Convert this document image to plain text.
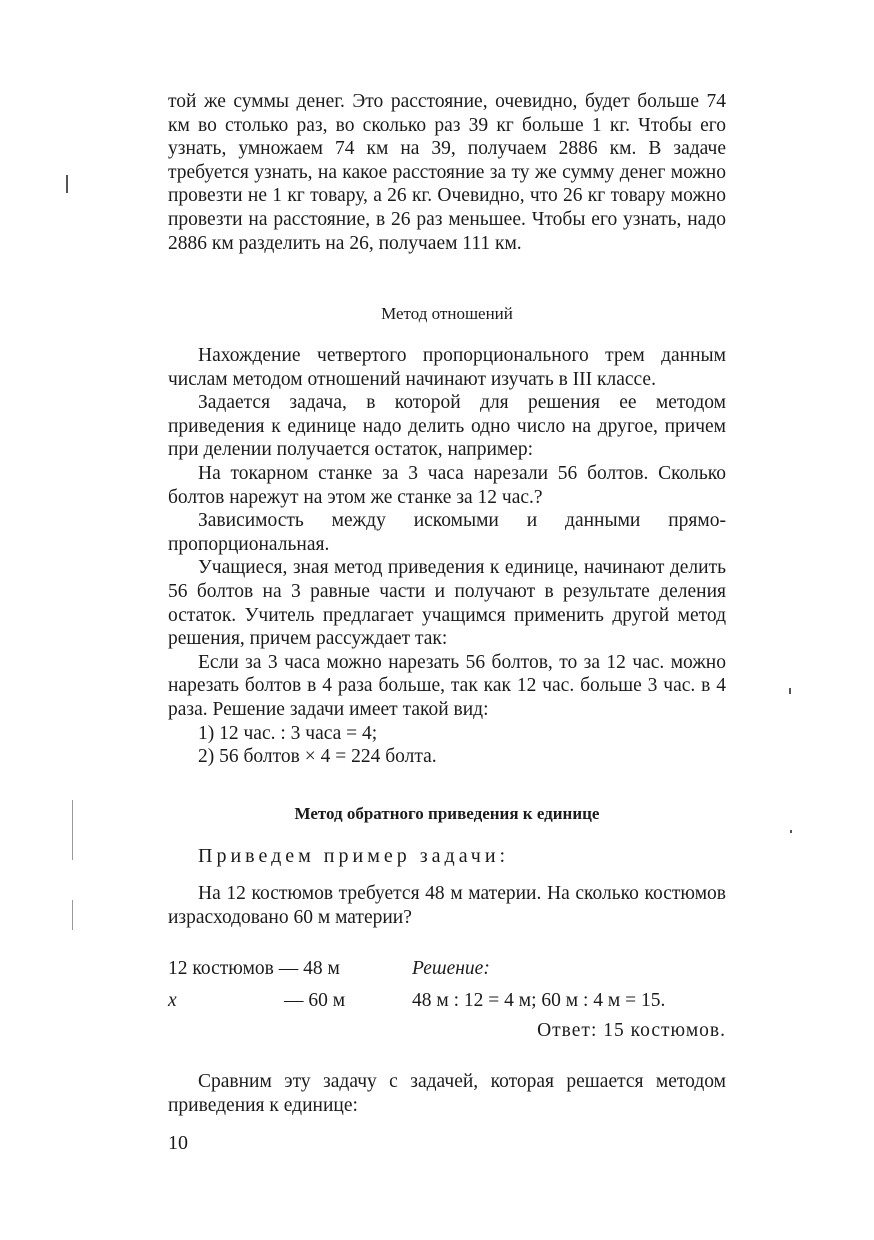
той же суммы денег. Это расстояние, очевидно, будет больше 74 км во столько раз, во сколько раз 39 кг больше 1 кг. Чтобы его узнать, умножаем 74 км на 39, получаем 2886 км. В задаче требуется узнать, на какое расстояние за ту же сумму денег можно провезти не 1 кг товару, а 26 кг. Очевидно, что 26 кг товару можно провезти на расстояние, в 26 раз меньшее. Чтобы его узнать, надо 2886 км разделить на 26, получаем 111 км.

Метод отношений

Нахождение четвертого пропорционального трем данным числам методом отношений начинают изучать в III классе.

Задается задача, в которой для решения ее методом приведения к единице надо делить одно число на другое, причем при делении получается остаток, например:

На токарном станке за 3 часа нарезали 56 болтов. Сколько болтов нарежут на этом же станке за 12 час.?

Зависимость между искомыми и данными прямо-пропорциональная.

Учащиеся, зная метод приведения к единице, начинают делить 56 болтов на 3 равные части и получают в результате деления остаток. Учитель предлагает учащимся применить другой метод решения, причем рассуждает так:

Если за 3 часа можно нарезать 56 болтов, то за 12 час. можно нарезать болтов в 4 раза больше, так как 12 час. больше 3 час. в 4 раза. Решение задачи имеет такой вид:

1) 12 час. : 3 часа = 4;

2) 56 болтов × 4 = 224 болта.

Метод обратного приведения к единице

Приведем пример задачи:

На 12 костюмов требуется 48 м материи. На сколько костюмов израсходовано 60 м материи?

12 костюмов — 48 м	Решение:
x	— 60 м	48 м : 12 = 4 м; 60 м : 4 м = 15.
Ответ: 15 костюмов.

Сравним эту задачу с задачей, которая решается методом приведения к единице:

10
